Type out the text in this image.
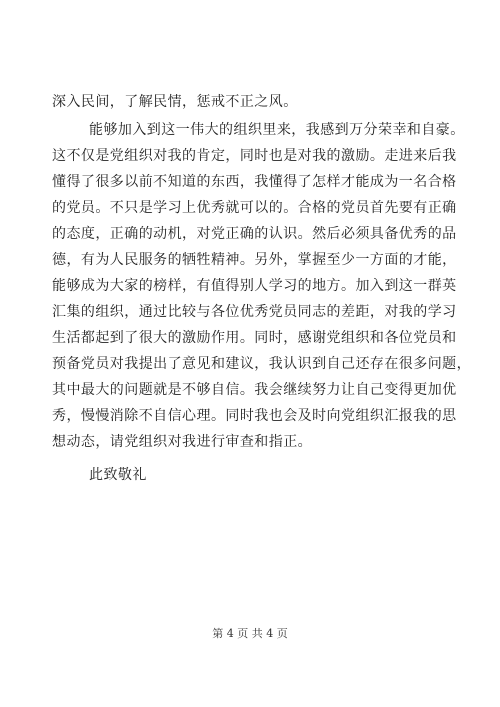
深入民间，了解民情，惩戒不正之风。
能够加入到这一伟大的组织里来，我感到万分荣幸和自豪。
这不仅是党组织对我的肯定，同时也是对我的激励。走进来后我
懂得了很多以前不知道的东西，我懂得了怎样才能成为一名合格
的党员。不只是学习上优秀就可以的。合格的党员首先要有正确
的态度，正确的动机，对党正确的认识。然后必须具备优秀的品
德，有为人民服务的牺牲精神。另外，掌握至少一方面的才能，
能够成为大家的榜样，有值得别人学习的地方。加入到这一群英
汇集的组织，通过比较与各位优秀党员同志的差距，对我的学习
生活都起到了很大的激励作用。同时，感谢党组织和各位党员和
预备党员对我提出了意见和建议，我认识到自己还存在很多问题，
其中最大的问题就是不够自信。我会继续努力让自己变得更加优
秀，慢慢消除不自信心理。同时我也会及时向党组织汇报我的思
想动态，请党组织对我进行审查和指正。
此致敬礼
第 4 页 共 4 页
